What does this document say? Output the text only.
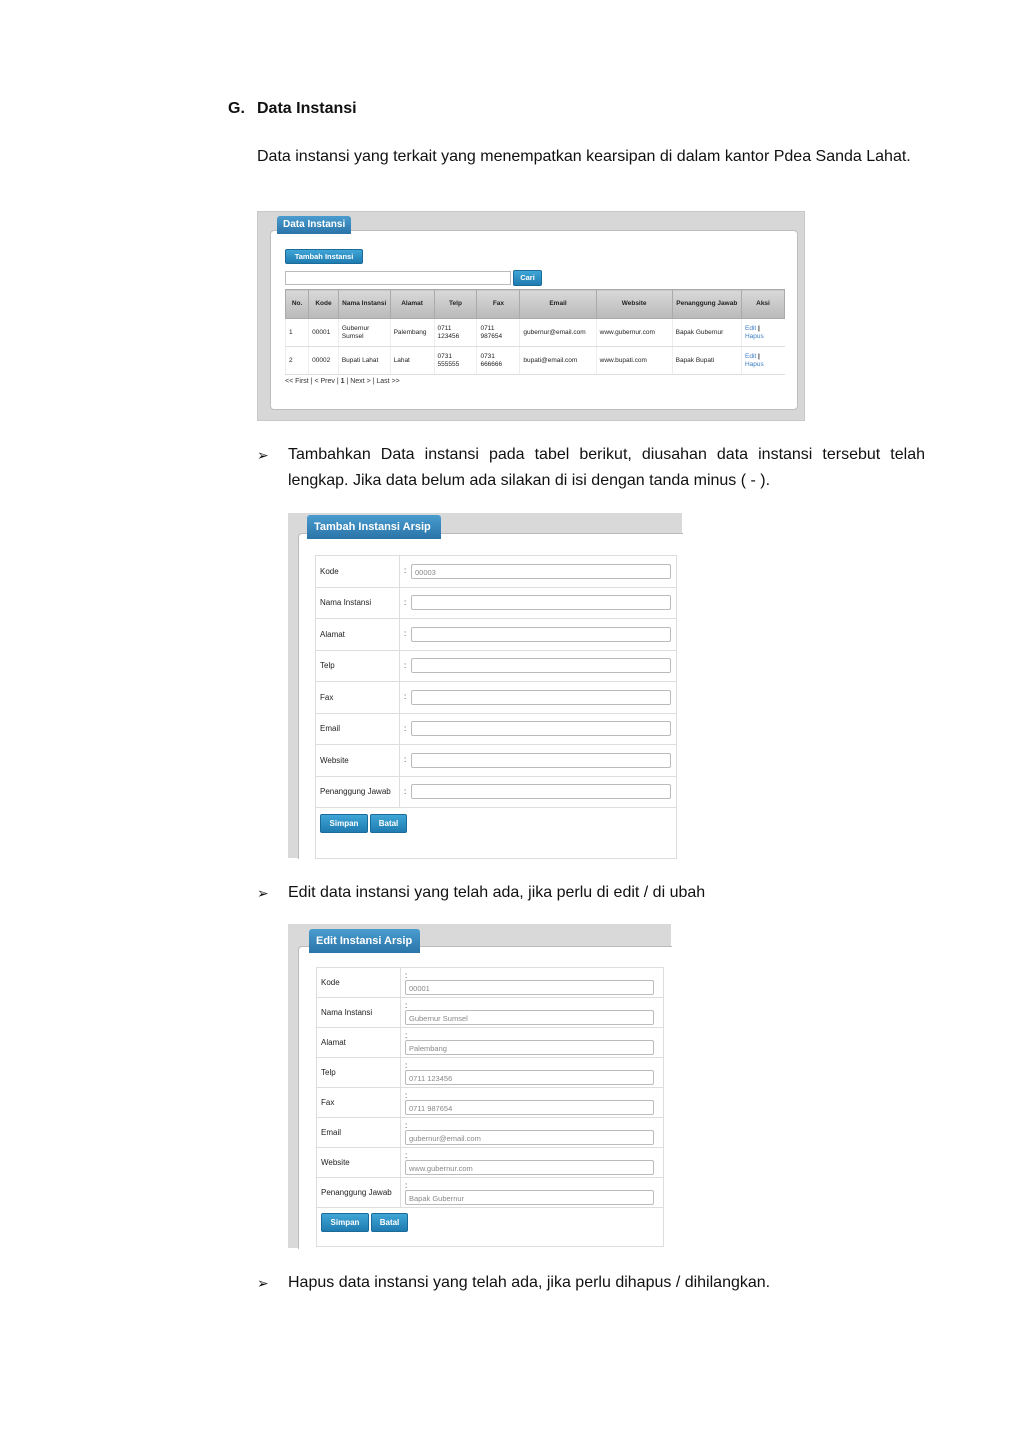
G. Data Instansi
Data instansi yang terkait yang menempatkan kearsipan di dalam kantor Pdea Sanda Lahat.
Data Instansi
Tambah Instansi
Cari
No.	Kode	Nama Instansi	Alamat	Telp	Fax	Email	Website	Penanggung Jawab	Aksi
1	00001	Gubernur Sumsel	Palembang	0711 123456	0711 987654	gubernur@email.com	www.gubernur.com	Bapak Gubernur	Edit |
Hapus
2	00002	Bupati Lahat	Lahat	0731 555555	0731 666666	bupati@email.com	www.bupati.com	Bapak Bupati	Edit |
Hapus
<< First | < Prev | 1 | Next > | Last >>
➢	Tambahkan Data instansi pada tabel berikut, diusahan data instansi tersebut telah lengkap. Jika data belum ada silakan di isi dengan tanda minus ( - ).
Tambah Instansi Arsip
Kode	: 00003
Nama Instansi	:
Alamat	:
Telp	:
Fax	:
Email	:
Website	:
Penanggung Jawab	:
Simpan Batal	
➢	Edit data instansi yang telah ada, jika perlu di edit / di ubah
Edit Instansi Arsip
Kode	:00001
Nama Instansi	:Gubernur Sumsel
Alamat	:Palembang
Telp	:0711 123456
Fax	:0711 987654
Email	:gubernur@email.com
Website	:www.gubernur.com
Penanggung Jawab	:Bapak Gubernur
Simpan Batal	
➢	Hapus data instansi yang telah ada, jika perlu dihapus / dihilangkan.
